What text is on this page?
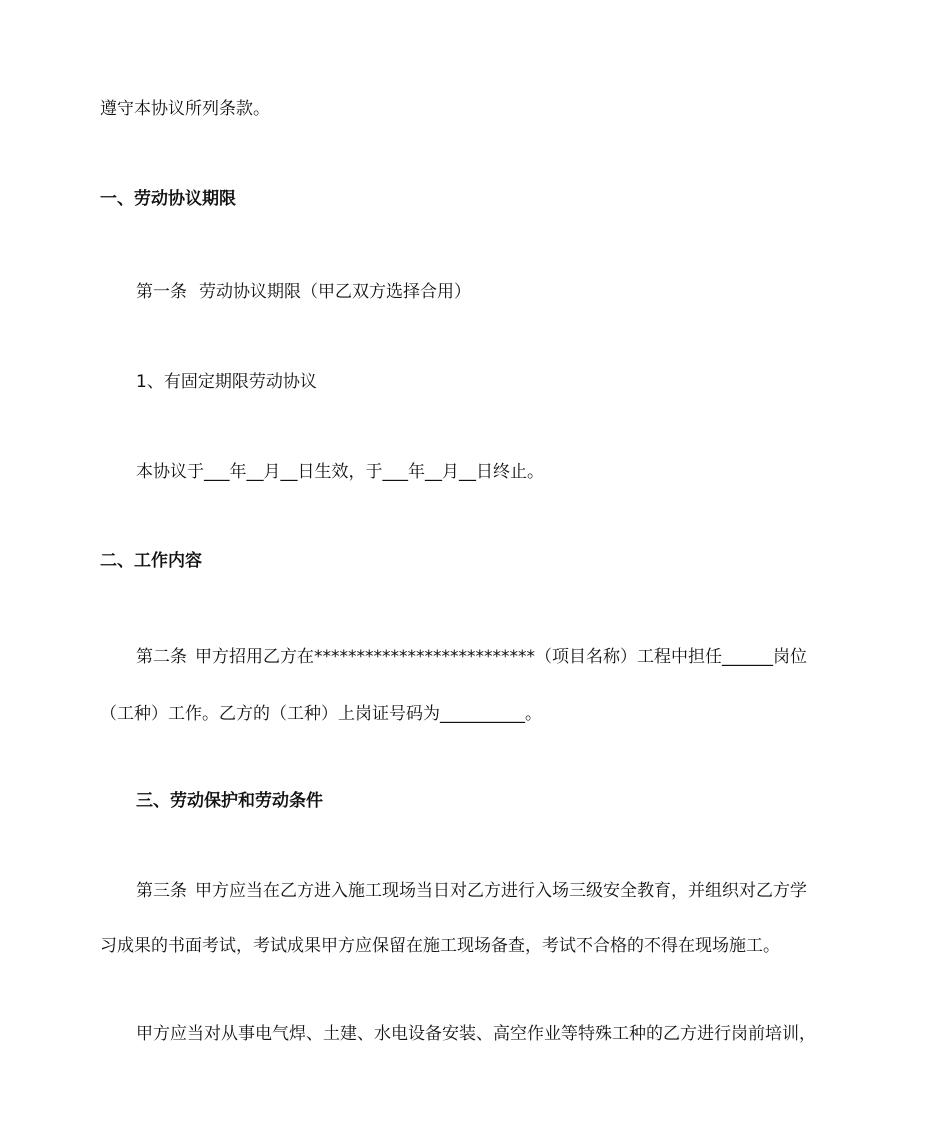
遵守本协议所列条款。
一、劳动协议期限
第一条 劳动协议期限（甲乙双方选择合用）
1、有固定期限劳动协议
本协议于___年__月__日生效，于___年__月__日终止。
二、工作内容
第二条 甲方招用乙方在**************************（项目名称）工程中担任______岗位
（工种）工作。乙方的（工种）上岗证号码为__________。
三、劳动保护和劳动条件
第三条 甲方应当在乙方进入施工现场当日对乙方进行入场三级安全教育，并组织对乙方学
习成果的书面考试，考试成果甲方应保留在施工现场备查，考试不合格的不得在现场施工。
甲方应当对从事电气焊、土建、水电设备安装、高空作业等特殊工种的乙方进行岗前培训，
